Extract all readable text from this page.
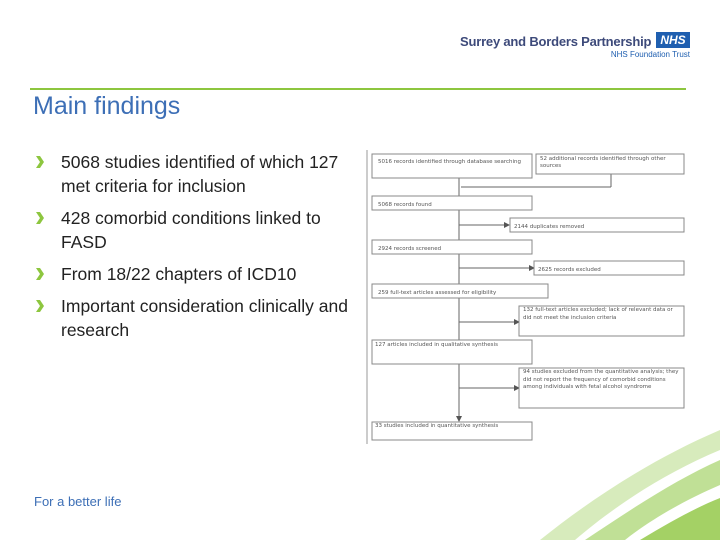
Surrey and Borders Partnership NHS
NHS Foundation Trust
Main findings
5068 studies identified of which 127 met criteria for inclusion
428 comorbid conditions linked to FASD
From 18/22 chapters of ICD10
Important consideration clinically and research
5016 records identified through database searching
5068 records found
2924 records screened
259 full-text articles assessed for eligibility
127 articles included in qualitative synthesis
33 studies included in quantitative synthesis
52 additional records identified through other sources
2144 duplicates removed
2625 records excluded
132 full-text articles excluded; lack of relevant data or did not meet the inclusion criteria
94 studies excluded from the quantitative analysis; they did not report the frequency of comorbid conditions among individuals with fetal alcohol syndrome
For a better life
